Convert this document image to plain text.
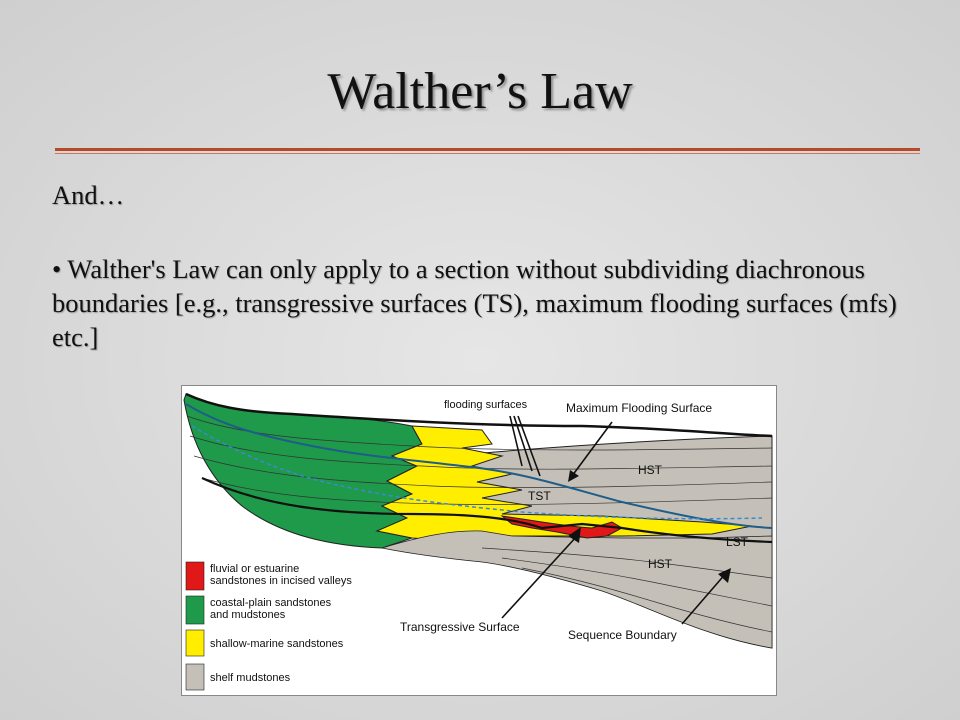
Walther’s Law

And…

• Walther's Law can only apply to a section without subdividing diachronous boundaries [e.g., transgressive surfaces (TS), maximum flooding surfaces (mfs) etc.]

flooding surfaces	Maximum Flooding Surface
HST
TST
LST
HST
Transgressive Surface
Sequence Boundary
fluvial or estuarine
sandstones in incised valleys
coastal-plain sandstones
and mudstones
shallow-marine sandstones
shelf mudstones
